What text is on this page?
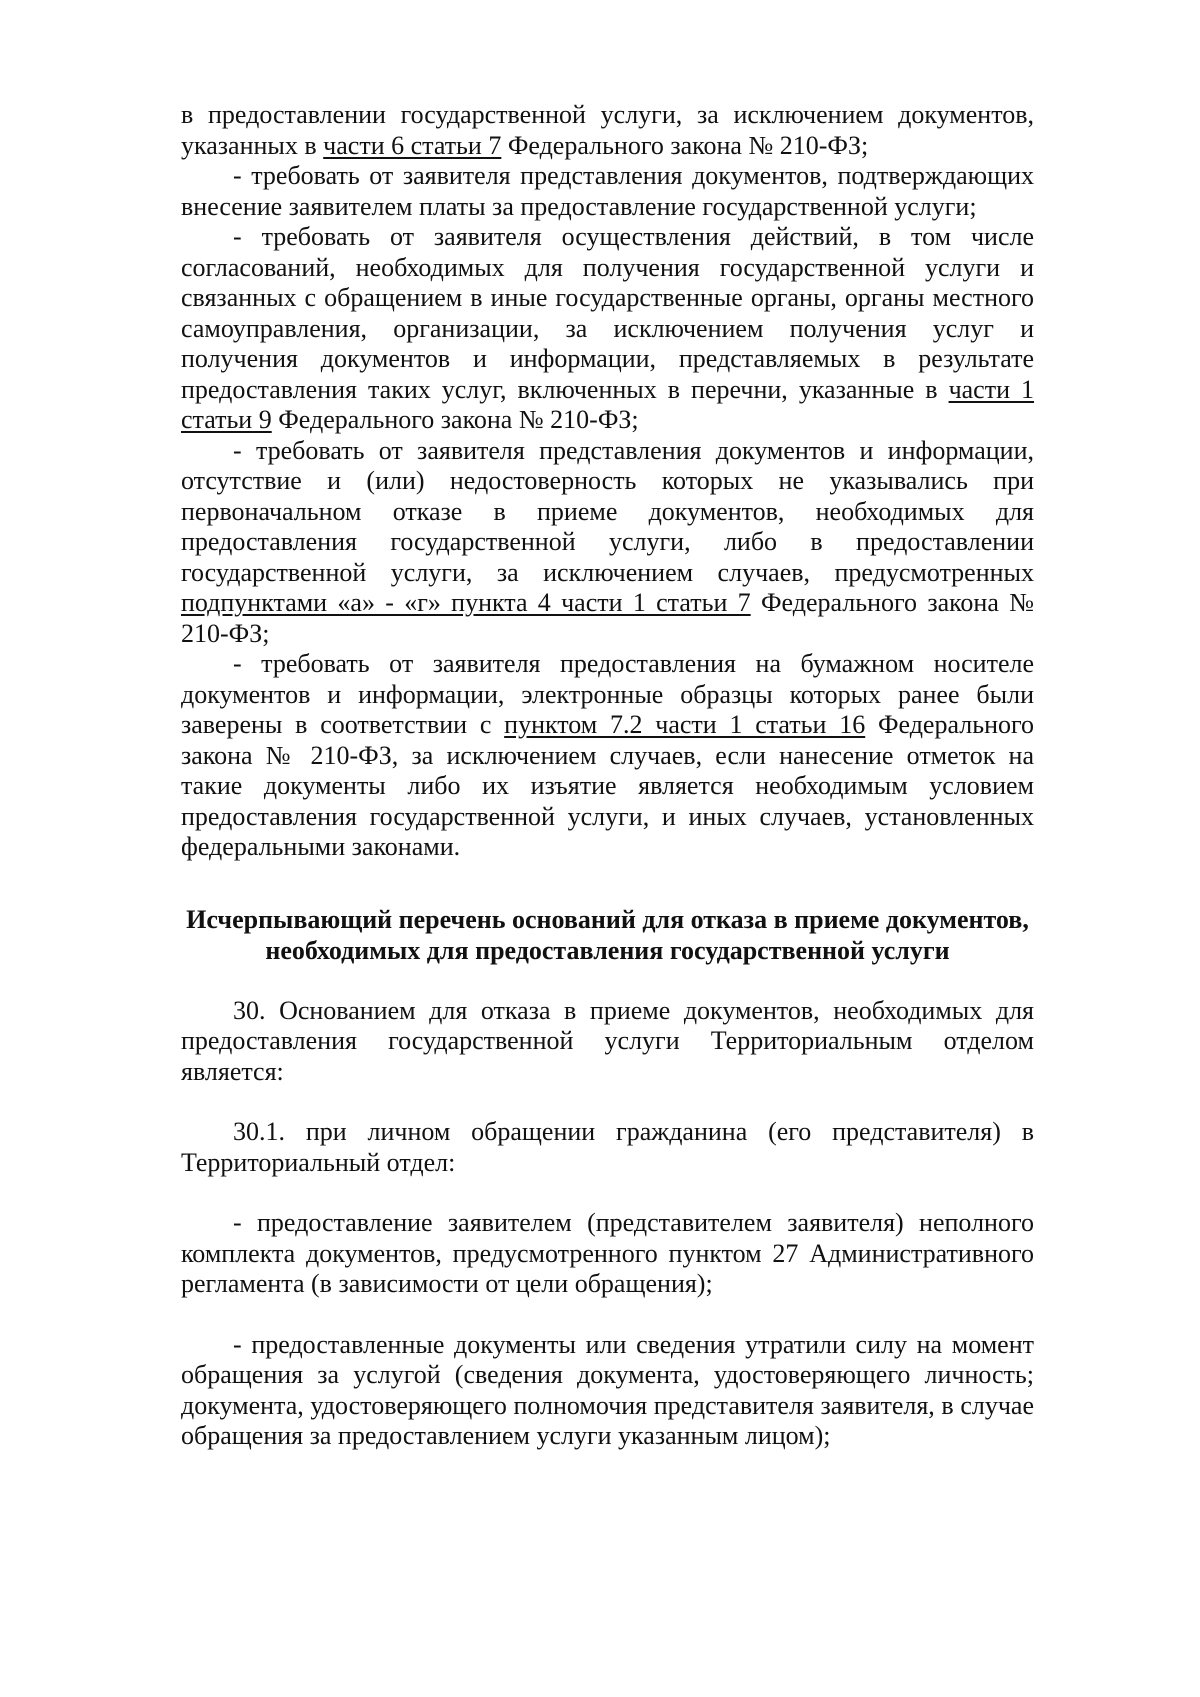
в предоставлении государственной услуги, за исключением документов, указанных в части 6 статьи 7 Федерального закона № 210-ФЗ;

- требовать от заявителя представления документов, подтверждающих внесение заявителем платы за предоставление государственной услуги;

- требовать от заявителя осуществления действий, в том числе согласований, необходимых для получения государственной услуги и связанных с обращением в иные государственные органы, органы местного самоуправления, организации, за исключением получения услуг и получения документов и информации, представляемых в результате предоставления таких услуг, включенных в перечни, указанные в части 1 статьи 9 Федерального закона № 210-ФЗ;

- требовать от заявителя представления документов и информации, отсутствие и (или) недостоверность которых не указывались при первоначальном отказе в приеме документов, необходимых для предоставления государственной услуги, либо в предоставлении государственной услуги, за исключением случаев, предусмотренных подпунктами «а» - «г» пункта 4 части 1 статьи 7 Федерального закона № 210-ФЗ;

- требовать от заявителя предоставления на бумажном носителе документов и информации, электронные образцы которых ранее были заверены в соответствии с пунктом 7.2 части 1 статьи 16 Федерального закона № 210-ФЗ, за исключением случаев, если нанесение отметок на такие документы либо их изъятие является необходимым условием предоставления государственной услуги, и иных случаев, установленных федеральными законами.

Исчерпывающий перечень оснований для отказа в приеме документов,
необходимых для предоставления государственной услуги

30. Основанием для отказа в приеме документов, необходимых для предоставления государственной услуги Территориальным отделом является:

30.1. при личном обращении гражданина (его представителя) в Территориальный отдел:

- предоставление заявителем (представителем заявителя) неполного комплекта документов, предусмотренного пунктом 27 Административного регламента (в зависимости от цели обращения);

- предоставленные документы или сведения утратили силу на момент обращения за услугой (сведения документа, удостоверяющего личность; документа, удостоверяющего полномочия представителя заявителя, в случае обращения за предоставлением услуги указанным лицом);
